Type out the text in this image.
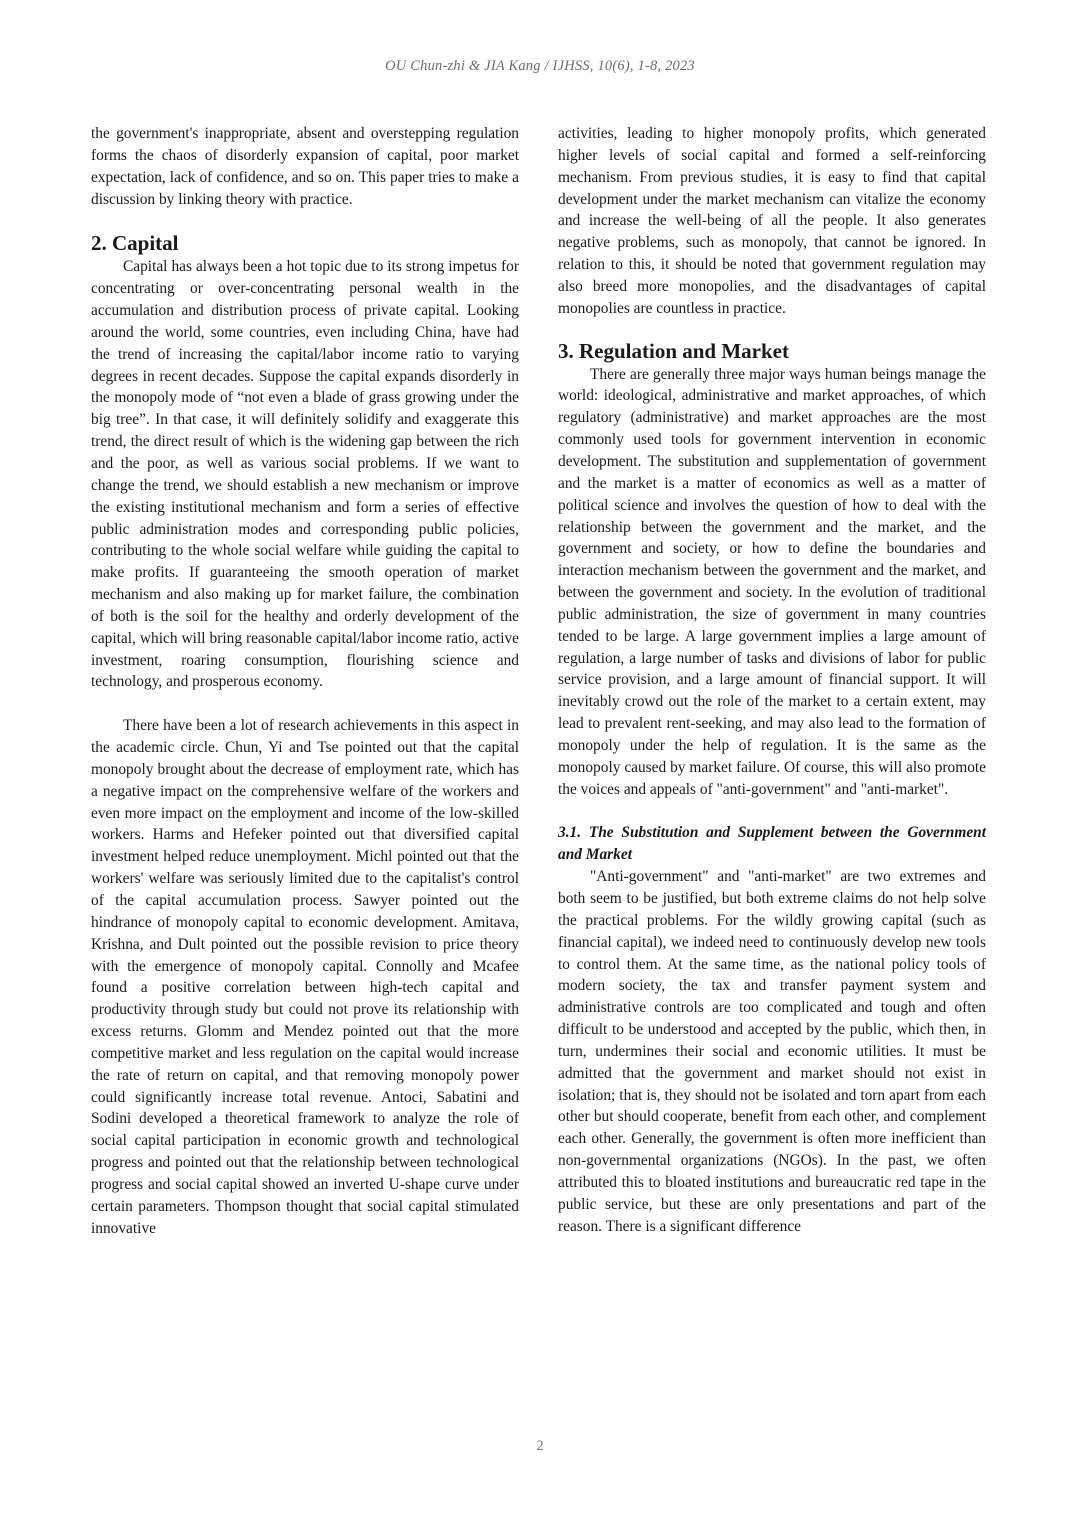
OU Chun-zhi & JIA Kang / IJHSS, 10(6), 1-8, 2023

the government's inappropriate, absent and overstepping regulation forms the chaos of disorderly expansion of capital, poor market expectation, lack of confidence, and so on. This paper tries to make a discussion by linking theory with practice.

2. Capital

Capital has always been a hot topic due to its strong impetus for concentrating or over-concentrating personal wealth in the accumulation and distribution process of private capital. Looking around the world, some countries, even including China, have had the trend of increasing the capital/labor income ratio to varying degrees in recent decades. Suppose the capital expands disorderly in the monopoly mode of “not even a blade of grass growing under the big tree”. In that case, it will definitely solidify and exaggerate this trend, the direct result of which is the widening gap between the rich and the poor, as well as various social problems. If we want to change the trend, we should establish a new mechanism or improve the existing institutional mechanism and form a series of effective public administration modes and corresponding public policies, contributing to the whole social welfare while guiding the capital to make profits. If guaranteeing the smooth operation of market mechanism and also making up for market failure, the combination of both is the soil for the healthy and orderly development of the capital, which will bring reasonable capital/labor income ratio, active investment, roaring consumption, flourishing science and technology, and prosperous economy.

There have been a lot of research achievements in this aspect in the academic circle. Chun, Yi and Tse pointed out that the capital monopoly brought about the decrease of employment rate, which has a negative impact on the comprehensive welfare of the workers and even more impact on the employment and income of the low-skilled workers. Harms and Hefeker pointed out that diversified capital investment helped reduce unemployment. Michl pointed out that the workers' welfare was seriously limited due to the capitalist's control of the capital accumulation process. Sawyer pointed out the hindrance of monopoly capital to economic development. Amitava, Krishna, and Dult pointed out the possible revision to price theory with the emergence of monopoly capital. Connolly and Mcafee found a positive correlation between high-tech capital and productivity through study but could not prove its relationship with excess returns. Glomm and Mendez pointed out that the more competitive market and less regulation on the capital would increase the rate of return on capital, and that removing monopoly power could significantly increase total revenue. Antoci, Sabatini and Sodini developed a theoretical framework to analyze the role of social capital participation in economic growth and technological progress and pointed out that the relationship between technological progress and social capital showed an inverted U-shape curve under certain parameters. Thompson thought that social capital stimulated innovative

activities, leading to higher monopoly profits, which generated higher levels of social capital and formed a self-reinforcing mechanism. From previous studies, it is easy to find that capital development under the market mechanism can vitalize the economy and increase the well-being of all the people. It also generates negative problems, such as monopoly, that cannot be ignored. In relation to this, it should be noted that government regulation may also breed more monopolies, and the disadvantages of capital monopolies are countless in practice.

3. Regulation and Market

There are generally three major ways human beings manage the world: ideological, administrative and market approaches, of which regulatory (administrative) and market approaches are the most commonly used tools for government intervention in economic development. The substitution and supplementation of government and the market is a matter of economics as well as a matter of political science and involves the question of how to deal with the relationship between the government and the market, and the government and society, or how to define the boundaries and interaction mechanism between the government and the market, and between the government and society. In the evolution of traditional public administration, the size of government in many countries tended to be large. A large government implies a large amount of regulation, a large number of tasks and divisions of labor for public service provision, and a large amount of financial support. It will inevitably crowd out the role of the market to a certain extent, may lead to prevalent rent-seeking, and may also lead to the formation of monopoly under the help of regulation. It is the same as the monopoly caused by market failure. Of course, this will also promote the voices and appeals of "anti-government" and "anti-market".

3.1. The Substitution and Supplement between the Government and Market

"Anti-government" and "anti-market" are two extremes and both seem to be justified, but both extreme claims do not help solve the practical problems. For the wildly growing capital (such as financial capital), we indeed need to continuously develop new tools to control them. At the same time, as the national policy tools of modern society, the tax and transfer payment system and administrative controls are too complicated and tough and often difficult to be understood and accepted by the public, which then, in turn, undermines their social and economic utilities. It must be admitted that the government and market should not exist in isolation; that is, they should not be isolated and torn apart from each other but should cooperate, benefit from each other, and complement each other. Generally, the government is often more inefficient than non-governmental organizations (NGOs). In the past, we often attributed this to bloated institutions and bureaucratic red tape in the public service, but these are only presentations and part of the reason. There is a significant difference

2
